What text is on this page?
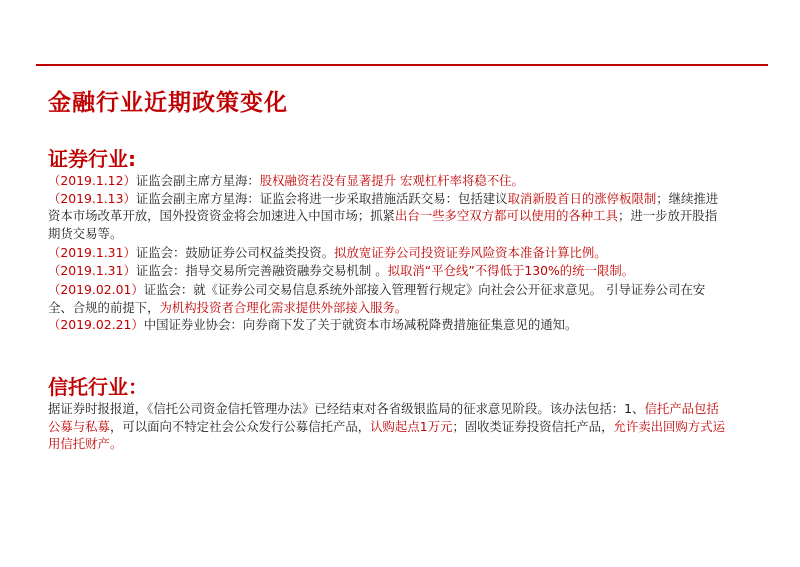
金融行业近期政策变化
证券行业:

（2019.1.12）证监会副主席方星海：股权融资若没有显著提升 宏观杠杆率将稳不住。

（2019.1.13）证监会副主席方星海：证监会将进一步采取措施活跃交易：包括建议取消新股首日的涨停板限制；继续推进资本市场改革开放，国外投资资金将会加速进入中国市场；抓紧出台一些多空双方都可以使用的各种工具；进一步放开股指期货交易等。

（2019.1.31）证监会：鼓励证券公司权益类投资。拟放宽证券公司投资证券风险资本准备计算比例。

（2019.1.31）证监会：指导交易所完善融资融券交易机制 。拟取消“平仓线”不得低于130%的统一限制。

（2019.02.01）证监会：就《证券公司交易信息系统外部接入管理暂行规定》向社会公开征求意见。 引导证券公司在安全、合规的前提下，为机构投资者合理化需求提供外部接入服务。

（2019.02.21）中国证券业协会：向券商下发了关于就资本市场减税降费措施征集意见的通知。

信托行业：

据证券时报报道，《信托公司资金信托管理办法》已经结束对各省级银监局的征求意见阶段。该办法包括：1、信托产品包括公募与私募，可以面向不特定社会公众发行公募信托产品，认购起点1万元；固收类证券投资信托产品，允许卖出回购方式运用信托财产。
